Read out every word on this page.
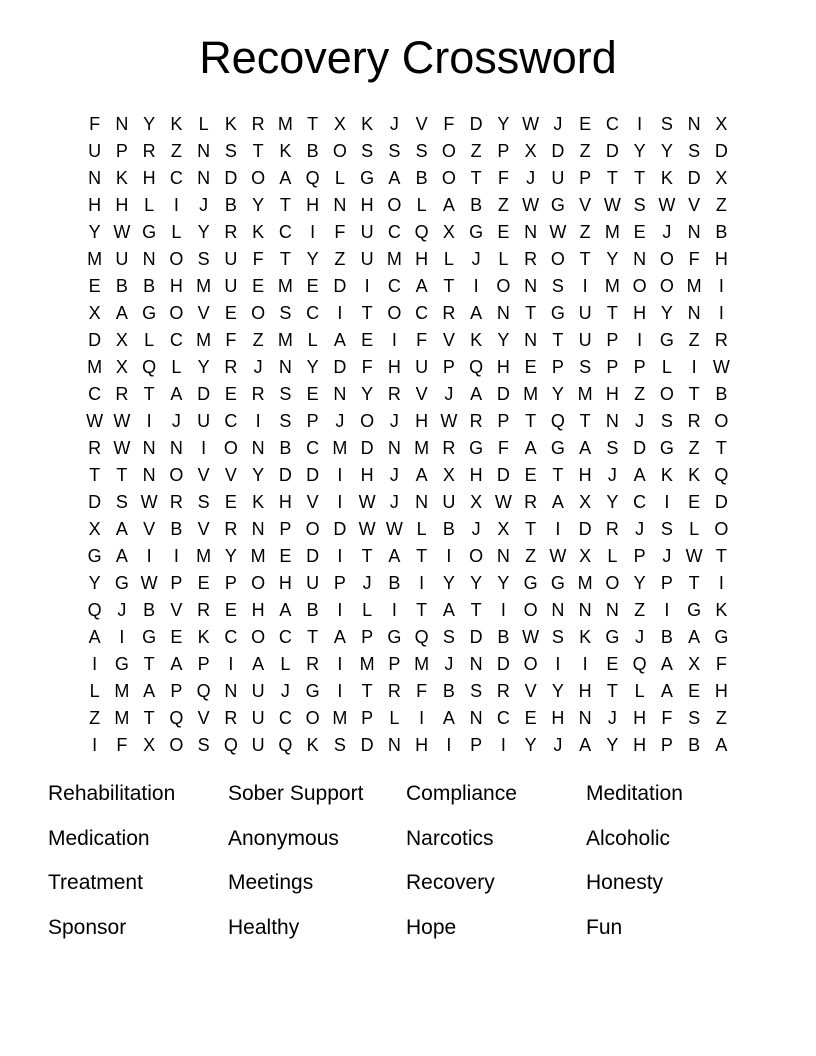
Recovery Crossword
F N Y K L K R M T X K J V F D Y W J E C	I	S N X
U P R Z N S T K B O S S S O Z P X D Z D Y Y S D
N K H C N D O A Q L G A B O T F J U P T T K D X
H H L	I	J B Y T H N H O L A B Z W G V W S W V Z
Y W G L Y R K C	I	F U C Q X G E N W Z M E J N B
M U N O S U F T Y Z U M H L J L R O T Y N O F H
E B B H M U E M E D	I	C A T	I O N S	I M O O M I
X A G O V E O S C	I	T O C R A N T G U T H Y N	I
D X L C M F Z M L A E	I	F V K Y N T U P	I G Z R
M X Q L Y R J N Y D F H U P Q H E P S P P L	I W
C R T A D E R S E N Y R V J A D M Y M H Z O T B
W W I	J U C	I	S P J O J H W R P T Q T N J S R O
R W N N	I O N B C M D N M R G F A G A S D G Z T
T T N O V V Y D D	I	H J A X H D E T H J A K K Q
D S W R S E K H V	I W J N U X W R A X Y C	I	E D
X A V B V R N P O D W W L B J X T	I	D R J S L O
G A	I	I M Y M E D	I	T A T	I O N Z W X L P J W T
Y G W P E P O H U P J B	I	Y Y Y G G M O Y P T	I
Q J B V R E H A B	I	L	I	T A T	I O N N N Z	I G K
A	I G E K C O C T A P G Q S D B W S K G J B A G
I G T A P	I	A L R	I M P M J N D O I	I	E Q A X F
L M A P Q N U J G I	T R F B S R V Y H T L A E H
Z M T Q V R U C O M P L	I	A N C E H N J H F S Z
I	F X O S Q U Q K S D N H	I	P	I	Y J A Y H P B A
Rehabilitation	Sober Support	Compliance	Meditation
Medication	Anonymous	Narcotics	Alcoholic
Treatment	Meetings	Recovery	Honesty
Sponsor	Healthy	Hope	Fun
